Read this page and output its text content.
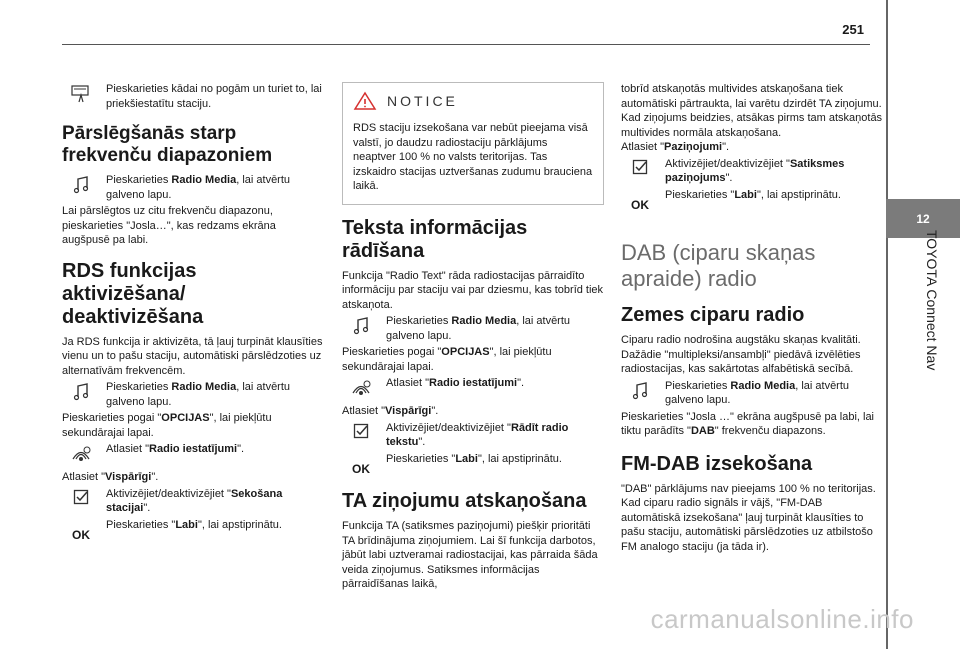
251
12
TOYOTA Connect Nav
Pieskarieties kādai no pogām un turiet to, lai priekšiestatītu staciju.
Pārslēgšanās starp frekvenču diapazoniem
Pieskarieties Radio Media, lai atvērtu galveno lapu.

Lai pārslēgtos uz citu frekvenču diapazonu, pieskarieties "Josla…", kas redzams ekrāna augšpusē pa labi.

RDS funkcijas aktivizēšana/ deaktivizēšana

Ja RDS funkcija ir aktivizēta, tā ļauj turpināt klausīties vienu un to pašu staciju, automātiski pārslēdzoties uz alternatīvām frekvencēm.

Pieskarieties Radio Media, lai atvērtu galveno lapu.

Pieskarieties pogai "OPCIJAS", lai piekļūtu sekundārajai lapai.

Atlasiet "Radio iestatījumi".

Atlasiet "Vispārīgi".

Aktivizējiet/deaktivizējiet "Sekošana stacijai".
OK
Pieskarieties "Labi", lai apstiprinātu.
NOTICE

RDS staciju izsekošana var nebūt pieejama visā valstī, jo daudzu radiostaciju pārklājums neaptver 100 % no valsts teritorijas. Tas izskaidro stacijas uztveršanas zudumu brauciena laikā.

Teksta informācijas rādīšana

Funkcija "Radio Text" rāda radiostacijas pārraidīto informāciju par staciju vai par dziesmu, kas tobrīd tiek atskaņota.

Pieskarieties Radio Media, lai atvērtu galveno lapu.

Pieskarieties pogai "OPCIJAS", lai piekļūtu sekundārajai lapai.

Atlasiet "Radio iestatījumi".

Atlasiet "Vispārīgi".

Aktivizējiet/deaktivizējiet "Rādīt radio tekstu".
OK
Pieskarieties "Labi", lai apstiprinātu.
TA ziņojumu atskaņošana

Funkcija TA (satiksmes paziņojumi) piešķir prioritāti TA brīdinājuma ziņojumiem. Lai šī funkcija darbotos, jābūt labi uztveramai radiostacijai, kas pārraida šāda veida ziņojumus. Satiksmes informācijas pārraidīšanas laikā,

tobrīd atskaņotās multivides atskaņošana tiek automātiski pārtraukta, lai varētu dzirdēt TA ziņojumu. Kad ziņojums beidzies, atsākas pirms tam atskaņotās multivides normāla atskaņošana.
Atlasiet "Paziņojumi".

Aktivizējiet/deaktivizējiet "Satiksmes paziņojums".
OK
Pieskarieties "Labi", lai apstiprinātu.
DAB (ciparu skaņas apraide) radio
Zemes ciparu radio

Ciparu radio nodrošina augstāku skaņas kvalitāti.

Dažādie "multipleksi/ansambļi" piedāvā izvēlēties radiostacijas, kas sakārtotas alfabētiskā secībā.

Pieskarieties Radio Media, lai atvērtu galveno lapu.

Pieskarieties "Josla …" ekrāna augšpusē pa labi, lai tiktu parādīts "DAB" frekvenču diapazons.

FM-DAB izsekošana

"DAB" pārklājums nav pieejams 100 % no teritorijas.

Kad ciparu radio signāls ir vājš, "FM-DAB automātiskā izsekošana" ļauj turpināt klausīties to pašu staciju, automātiski pārslēdzoties uz atbilstošo FM analogo staciju (ja tāda ir).

carmanualsonline.info
